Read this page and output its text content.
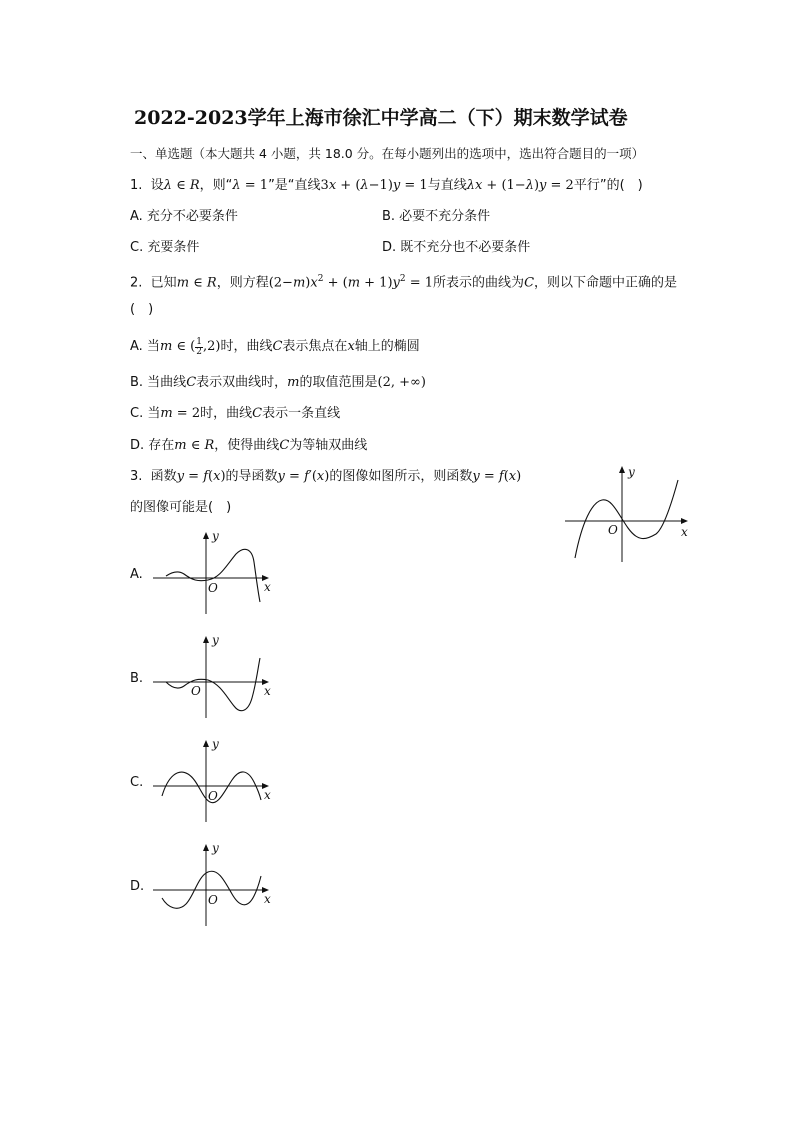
2022-2023学年上海市徐汇中学高二（下）期末数学试卷
一、单选题（本大题共 4 小题，共 18.0 分。在每小题列出的选项中，选出符合题目的一项）
1. 设λ ∈ R，则“λ = 1”是“直线3x + (λ−1)y = 1与直线λx + (1−λ)y = 2平行”的(　)
A. 充分不必要条件	B. 必要不充分条件
C. 充要条件	D. 既不充分也不必要条件
2. 已知m ∈ R，则方程$(2-m)x^2 + (m + 1)y^2 = 1$所表示的曲线为C，则以下命题中正确的是
(　)
A. 当m ∈ ( $\frac{1}{2} ,2$)时，曲线C表示焦点在x轴上的椭圆
B. 当曲线C表示双曲线时，m的取值范围是(2, +∞)
C. 当m = 2时，曲线C表示一条直线
D. 存在m ∈ R，使得曲线C为等轴双曲线
3. 函数y = f(x)的导函数y = f′(x)的图像如图所示，则函数y = f(x)
的图像可能是(　)
y
x
O
A.
y
x
O
B.
y
x
O
C.
y
x
O
D.
y
x
O
